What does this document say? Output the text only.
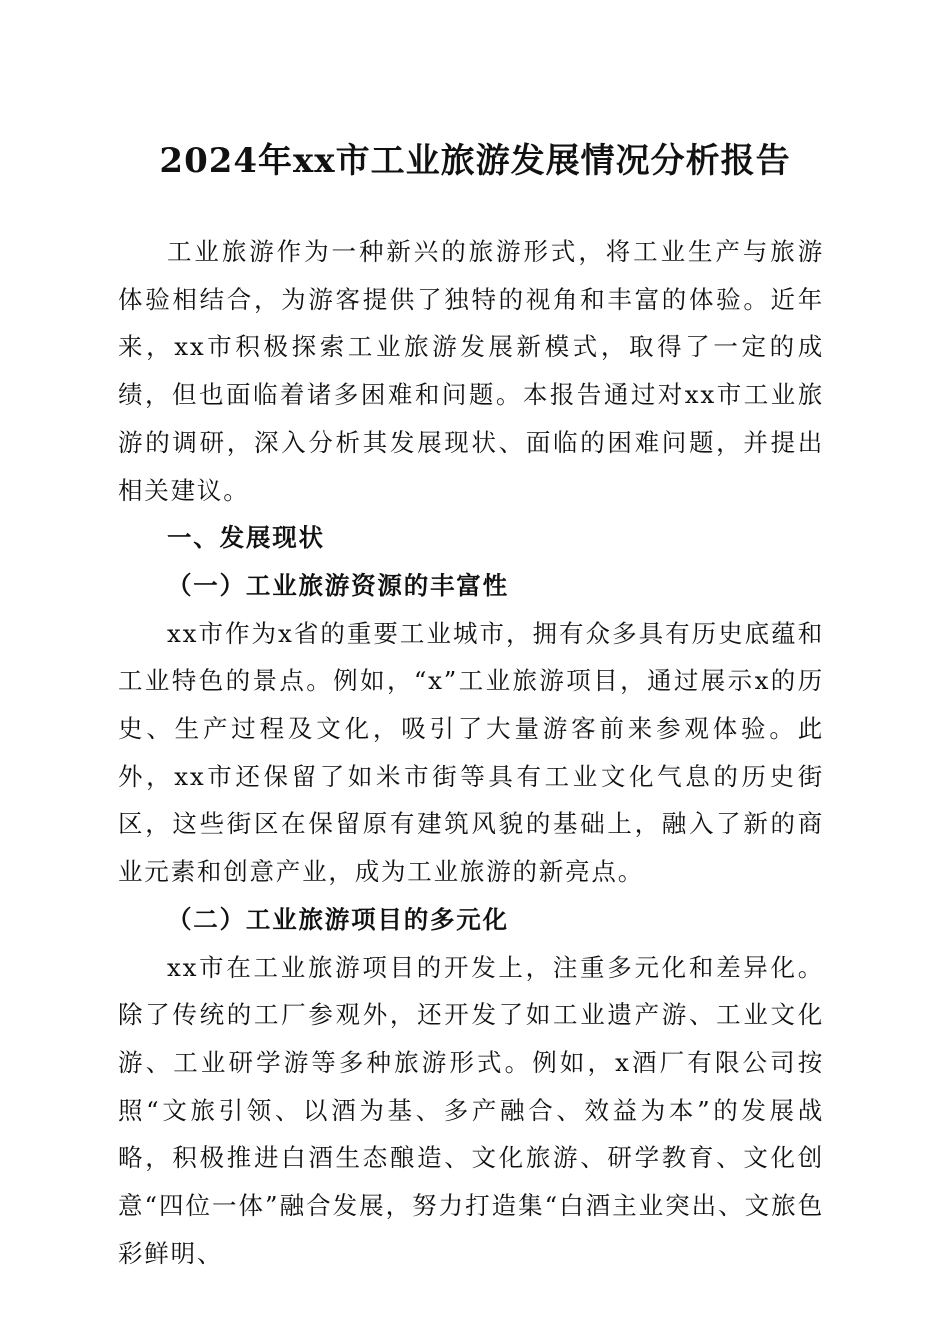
2024年xx市工业旅游发展情况分析报告

工业旅游作为一种新兴的旅游形式，将工业生产与旅游体验相结合，为游客提供了独特的视角和丰富的体验。近年来，xx市积极探索工业旅游发展新模式，取得了一定的成绩，但也面临着诸多困难和问题。本报告通过对xx市工业旅游的调研，深入分析其发展现状、面临的困难问题，并提出相关建议。

一、发展现状

（一）工业旅游资源的丰富性

xx市作为x省的重要工业城市，拥有众多具有历史底蕴和工业特色的景点。例如，“x”工业旅游项目，通过展示x的历史、生产过程及文化，吸引了大量游客前来参观体验。此外，xx市还保留了如米市街等具有工业文化气息的历史街区，这些街区在保留原有建筑风貌的基础上，融入了新的商业元素和创意产业，成为工业旅游的新亮点。

（二）工业旅游项目的多元化

xx市在工业旅游项目的开发上，注重多元化和差异化。除了传统的工厂参观外，还开发了如工业遗产游、工业文化游、工业研学游等多种旅游形式。例如，x酒厂有限公司按照“文旅引领、以酒为基、多产融合、效益为本”的发展战略，积极推进白酒生态酿造、文化旅游、研学教育、文化创意“四位一体”融合发展，努力打造集“白酒主业突出、文旅色彩鲜明、
